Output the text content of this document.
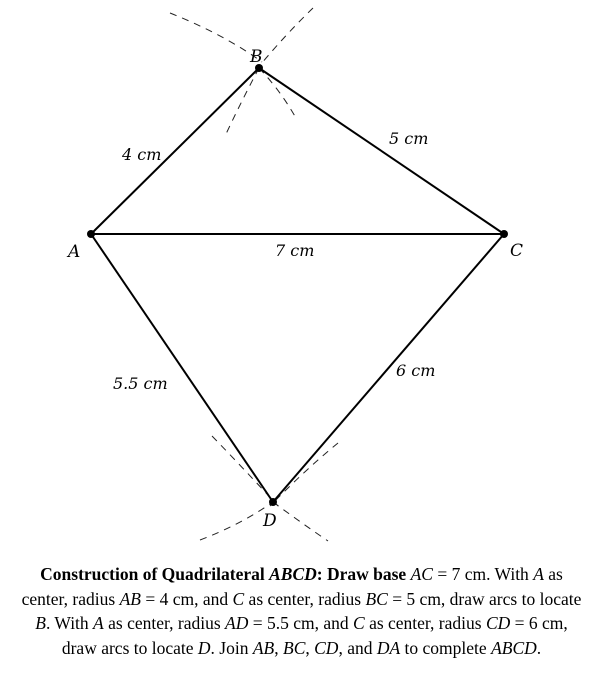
A
B
C
D
4 cm
5 cm
7 cm
5.5 cm
6 cm
Construction of Quadrilateral ABCD: Draw base AC = 7 cm. With A as center, radius AB = 4 cm, and C as center, radius BC = 5 cm, draw arcs to locate B. With A as center, radius AD = 5.5 cm, and C as center, radius CD = 6 cm, draw arcs to locate D. Join AB, BC, CD, and DA to complete ABCD.
